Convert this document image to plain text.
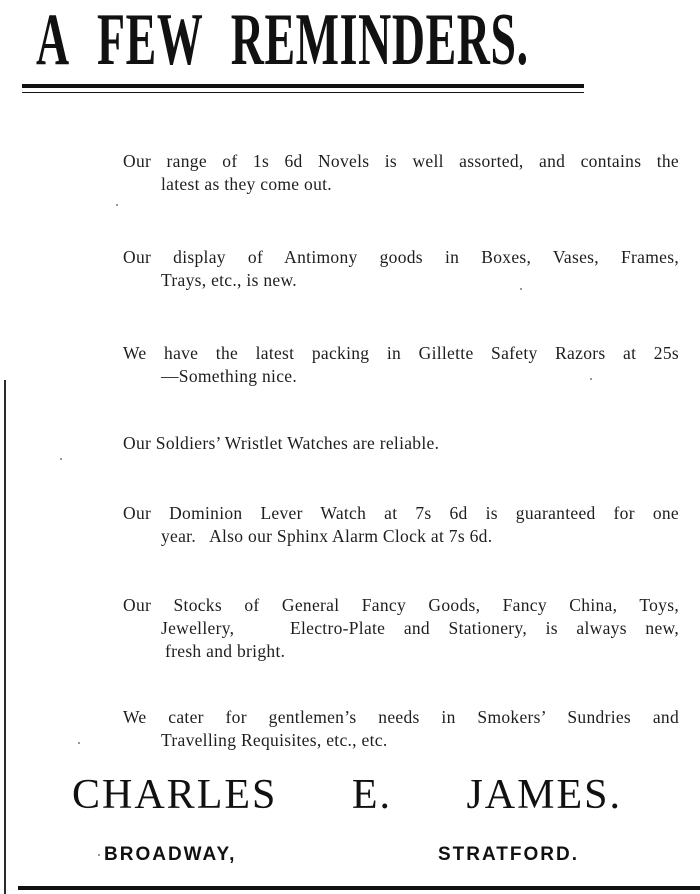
A FEW REMINDERS.
Our range of 1s 6d Novels is well assorted, and contains the
latest as they come out.
Our display of Antimony goods in Boxes, Vases, Frames,
Trays, etc., is new.
We have the latest packing in Gillette Safety Razors at 25s
—Something nice.
Our Soldiers’ Wristlet Watches are reliable.
Our Dominion Lever Watch at 7s 6d is guaranteed for one
year.   Also our Sphinx Alarm Clock at 7s 6d.
Our Stocks of General Fancy Goods, Fancy China, Toys,
Jewellery,   Electro-Plate and Stationery, is always new,
fresh and bright.
We cater for gentlemen’s needs in Smokers’ Sundries and
Travelling Requisites, etc., etc.
CHARLES E. JAMES.
BROADWAY,	STRATFORD.
